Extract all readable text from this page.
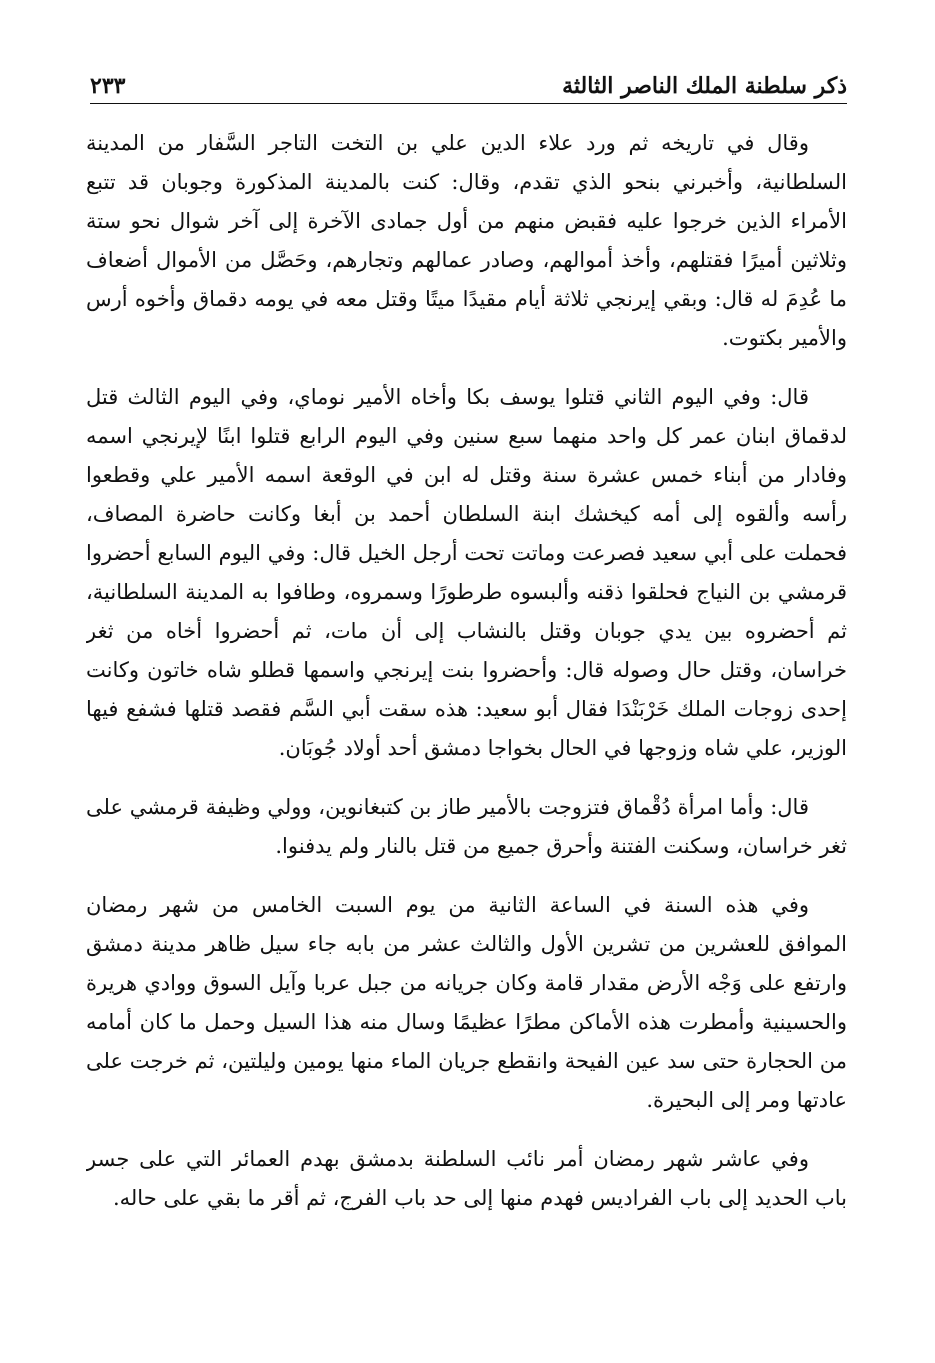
ذكر سلطنة الملك الناصر الثالثة
٢٣٣

وقال في تاريخه ثم ورد علاء الدين علي بن التخت التاجر السَّفار من المدينة السلطانية، وأخبرني بنحو الذي تقدم، وقال: كنت بالمدينة المذكورة وجوبان قد تتبع الأمراء الذين خرجوا عليه فقبض منهم من أول جمادى الآخرة إلى آخر شوال نحو ستة وثلاثين أميرًا فقتلهم، وأخذ أموالهم، وصادر عمالهم وتجارهم، وحَصَّل من الأموال أضعاف ما عُدِمَ له قال: وبقي إيرنجي ثلاثة أيام مقيدًا ميتًا وقتل معه في يومه دقماق وأخوه أرس والأمير بكتوت.

قال: وفي اليوم الثاني قتلوا يوسف بكا وأخاه الأمير نوماي، وفي اليوم الثالث قتل لدقماق ابنان عمر كل واحد منهما سبع سنين وفي اليوم الرابع قتلوا ابنًا لإيرنجي اسمه وفادار من أبناء خمس عشرة سنة وقتل له ابن في الوقعة اسمه الأمير علي وقطعوا رأسه وألقوه إلى أمه كيخشك ابنة السلطان أحمد بن أبغا وكانت حاضرة المصاف، فحملت على أبي سعيد فصرعت وماتت تحت أرجل الخيل قال: وفي اليوم السابع أحضروا قرمشي بن النياج فحلقوا ذقنه وألبسوه طرطورًا وسمروه، وطافوا به المدينة السلطانية، ثم أحضروه بين يدي جوبان وقتل بالنشاب إلى أن مات، ثم أحضروا أخاه من ثغر خراسان، وقتل حال وصوله قال: وأحضروا بنت إيرنجي واسمها قطلو شاه خاتون وكانت إحدى زوجات الملك خَرْبَنْدَا فقال أبو سعيد: هذه سقت أبي السَّم فقصد قتلها فشفع فيها الوزير، علي شاه وزوجها في الحال بخواجا دمشق أحد أولاد جُوبَان.

قال: وأما امرأة دُقْماق فتزوجت بالأمير طاز بن كتبغانوين، وولي وظيفة قرمشي على ثغر خراسان، وسكنت الفتنة وأحرق جميع من قتل بالنار ولم يدفنوا.

وفي هذه السنة في الساعة الثانية من يوم السبت الخامس من شهر رمضان الموافق للعشرين من تشرين الأول والثالث عشر من بابه جاء سيل ظاهر مدينة دمشق وارتفع على وَجْه الأرض مقدار قامة وكان جريانه من جبل عربا وآيل السوق ووادي هريرة والحسينية وأمطرت هذه الأماكن مطرًا عظيمًا وسال منه هذا السيل وحمل ما كان أمامه من الحجارة حتى سد عين الفيحة وانقطع جريان الماء منها يومين وليلتين، ثم خرجت على عادتها ومر إلى البحيرة.

وفي عاشر شهر رمضان أمر نائب السلطنة بدمشق بهدم العمائر التي على جسر باب الحديد إلى باب الفراديس فهدم منها إلى حد باب الفرج، ثم أقر ما بقي على حاله.
